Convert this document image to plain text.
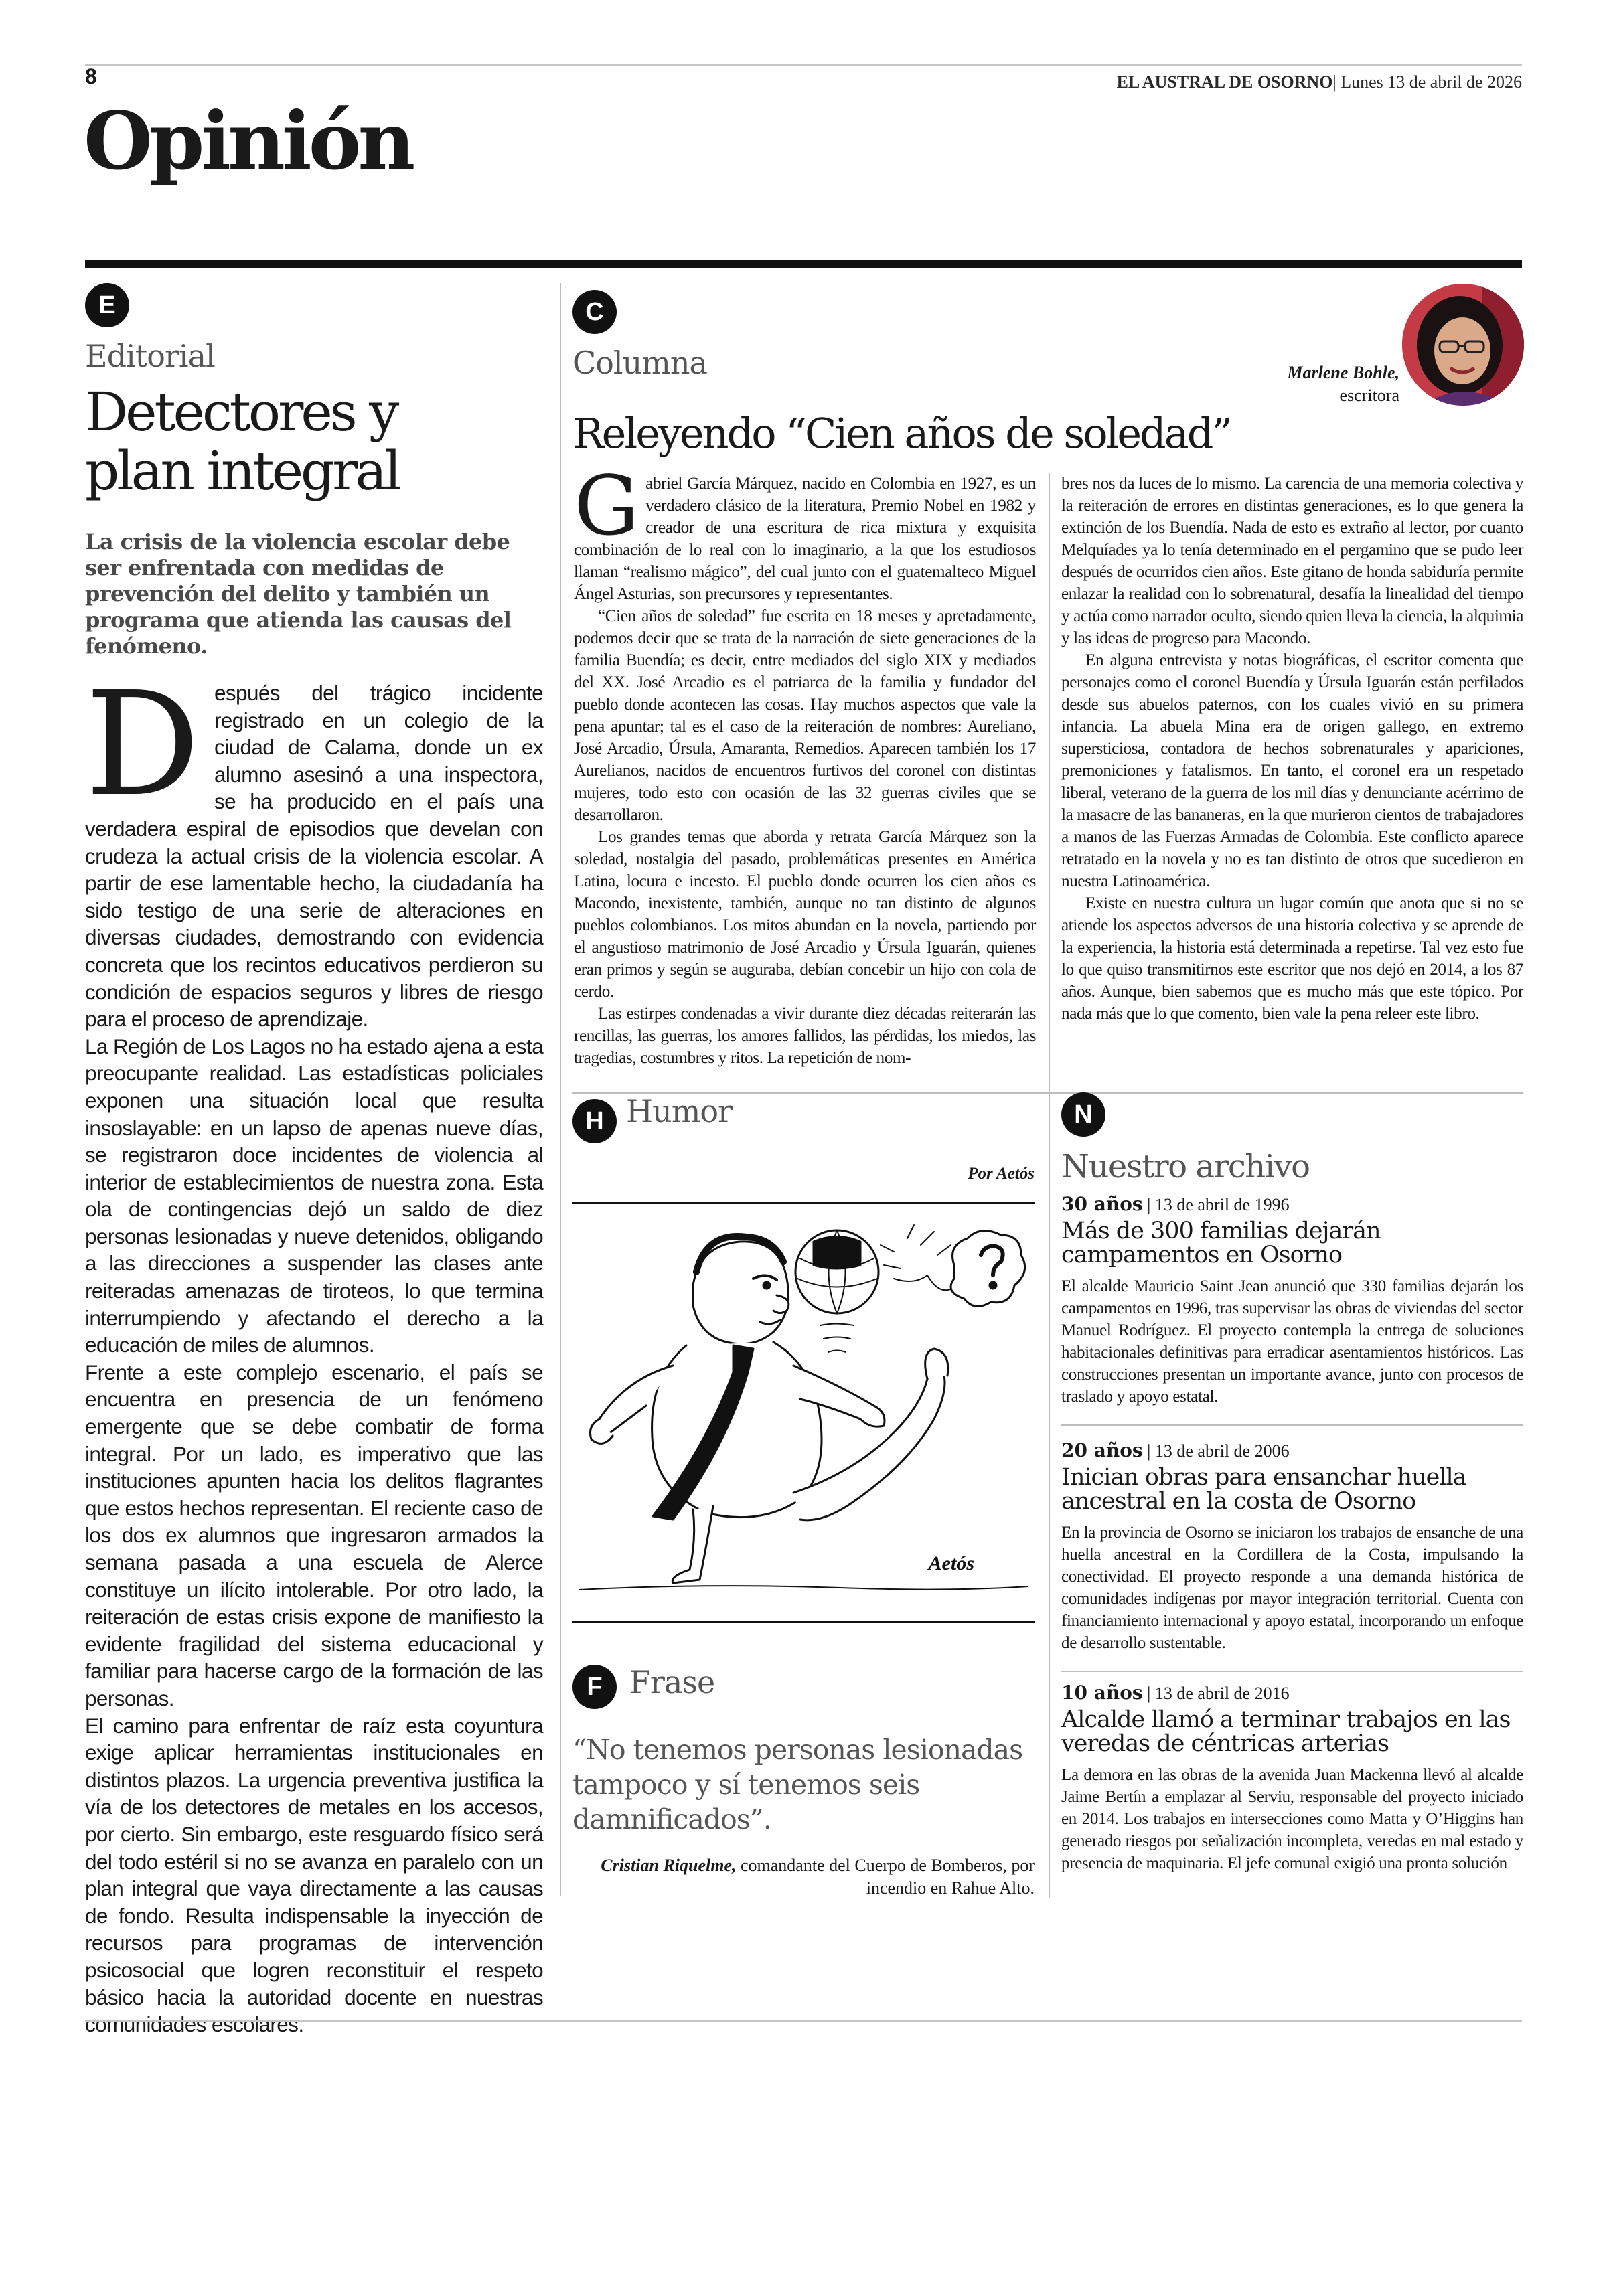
8	EL AUSTRAL DE OSORNO| Lunes 13 de abril de 2026
Opinión
E
Editorial
Detectores y
plan integral
La crisis de la violencia escolar debe ser enfrentada con medidas de prevención del delito y también un programa que atienda las causas del fenómeno.

Después del trágico incidente registrado en un colegio de la ciudad de Calama, donde un ex alumno asesinó a una inspectora, se ha producido en el país una verdadera espiral de episodios que develan con crudeza la actual crisis de la violencia escolar. A partir de ese lamentable hecho, la ciudadanía ha sido testigo de una serie de alteraciones en diversas ciudades, demostrando con evidencia concreta que los recintos educativos perdieron su condición de espacios seguros y libres de riesgo para el proceso de aprendizaje.

La Región de Los Lagos no ha estado ajena a esta preocupante realidad. Las estadísticas policiales exponen una situación local que resulta insoslayable: en un lapso de apenas nueve días, se registraron doce incidentes de violencia al interior de establecimientos de nuestra zona. Esta ola de contingencias dejó un saldo de diez personas lesionadas y nueve detenidos, obligando a las direcciones a suspender las clases ante reiteradas amenazas de tiroteos, lo que termina interrumpiendo y afectando el derecho a la educación de miles de alumnos.

Frente a este complejo escenario, el país se encuentra en presencia de un fenómeno emergente que se debe combatir de forma integral. Por un lado, es imperativo que las instituciones apunten hacia los delitos flagrantes que estos hechos representan. El reciente caso de los dos ex alumnos que ingresaron armados la semana pasada a una escuela de Alerce constituye un ilícito intolerable. Por otro lado, la reiteración de estas crisis expone de manifiesto la evidente fragilidad del sistema educacional y familiar para hacerse cargo de la formación de las personas.

El camino para enfrentar de raíz esta coyuntura exige aplicar herramientas institucionales en distintos plazos. La urgencia preventiva justifica la vía de los detectores de metales en los accesos, por cierto. Sin embargo, este resguardo físico será del todo estéril si no se avanza en paralelo con un plan integral que vaya directamente a las causas de fondo. Resulta indispensable la inyección de recursos para programas de intervención psicosocial que logren reconstituir el respeto básico hacia la autoridad docente en nuestras comunidades escolares.

C
Columna	Marlene Bohle,
escritora
Releyendo “Cien años de soledad”

Gabriel García Márquez, nacido en Colombia en 1927, es un verdadero clásico de la literatura, Premio Nobel en 1982 y creador de una escritura de rica mixtura y exquisita combinación de lo real con lo imaginario, a la que los estudiosos llaman “realismo mágico”, del cual junto con el guatemalteco Miguel Ángel Asturias, son precursores y representantes.

“Cien años de soledad” fue escrita en 18 meses y apretadamente, podemos decir que se trata de la narración de siete generaciones de la familia Buendía; es decir, entre mediados del siglo XIX y mediados del XX. José Arcadio es el patriarca de la familia y fundador del pueblo donde acontecen las cosas. Hay muchos aspectos que vale la pena apuntar; tal es el caso de la reiteración de nombres: Aureliano, José Arcadio, Úrsula, Amaranta, Remedios. Aparecen también los 17 Aurelianos, nacidos de encuentros furtivos del coronel con distintas mujeres, todo esto con ocasión de las 32 guerras civiles que se desarrollaron.

Los grandes temas que aborda y retrata García Márquez son la soledad, nostalgia del pasado, problemáticas presentes en América Latina, locura e incesto. El pueblo donde ocurren los cien años es Macondo, inexistente, también, aunque no tan distinto de algunos pueblos colombianos. Los mitos abundan en la novela, partiendo por el angustioso matrimonio de José Arcadio y Úrsula Iguarán, quienes eran primos y según se auguraba, debían concebir un hijo con cola de cerdo.

Las estirpes condenadas a vivir durante diez décadas reiterarán las rencillas, las guerras, los amores fallidos, las pérdidas, los miedos, las tragedias, costumbres y ritos. La repetición de nom-

bres nos da luces de lo mismo. La carencia de una memoria colectiva y la reiteración de errores en distintas generaciones, es lo que genera la extinción de los Buendía. Nada de esto es extraño al lector, por cuanto Melquíades ya lo tenía determinado en el pergamino que se pudo leer después de ocurridos cien años. Este gitano de honda sabiduría permite enlazar la realidad con lo sobrenatural, desafía la linealidad del tiempo y actúa como narrador oculto, siendo quien lleva la ciencia, la alquimia y las ideas de progreso para Macondo.

En alguna entrevista y notas biográficas, el escritor comenta que personajes como el coronel Buendía y Úrsula Iguarán están perfilados desde sus abuelos paternos, con los cuales vivió en su primera infancia. La abuela Mina era de origen gallego, en extremo supersticiosa, contadora de hechos sobrenaturales y apariciones, premoniciones y fatalismos. En tanto, el coronel era un respetado liberal, veterano de la guerra de los mil días y denunciante acérrimo de la masacre de las bananeras, en la que murieron cientos de trabajadores a manos de las Fuerzas Armadas de Colombia. Este conflicto aparece retratado en la novela y no es tan distinto de otros que sucedieron en nuestra Latinoamérica.

Existe en nuestra cultura un lugar común que anota que si no se atiende los aspectos adversos de una historia colectiva y se aprende de la experiencia, la historia está determinada a repetirse. Tal vez esto fue lo que quiso transmitirnos este escritor que nos dejó en 2014, a los 87 años. Aunque, bien sabemos que es mucho más que este tópico. Por nada más que lo que comento, bien vale la pena releer este libro.

H Humor
Por Aetós
Aetós
F Frase
“No tenemos personas lesionadas tampoco y sí tenemos seis damnificados”.
Cristian Riquelme, comandante del Cuerpo de Bomberos, por incendio en Rahue Alto.
N
Nuestro archivo
30 años | 13 de abril de 1996
Más de 300 familias dejarán campamentos en Osorno
El alcalde Mauricio Saint Jean anunció que 330 familias dejarán los campamentos en 1996, tras supervisar las obras de viviendas del sector Manuel Rodríguez. El proyecto contempla la entrega de soluciones habitacionales definitivas para erradicar asentamientos históricos. Las construcciones presentan un importante avance, junto con procesos de traslado y apoyo estatal.
20 años | 13 de abril de 2006
Inician obras para ensanchar huella ancestral en la costa de Osorno
En la provincia de Osorno se iniciaron los trabajos de ensanche de una huella ancestral en la Cordillera de la Costa, impulsando la conectividad. El proyecto responde a una demanda histórica de comunidades indígenas por mayor integración territorial. Cuenta con financiamiento internacional y apoyo estatal, incorporando un enfoque de desarrollo sustentable.
10 años | 13 de abril de 2016
Alcalde llamó a terminar trabajos en las veredas de céntricas arterias
La demora en las obras de la avenida Juan Mackenna llevó al alcalde Jaime Bertín a emplazar al Serviu, responsable del proyecto iniciado en 2014. Los trabajos en intersecciones como Matta y O’Higgins han generado riesgos por señalización incompleta, veredas en mal estado y presencia de maquinaria. El jefe comunal exigió una pronta solución
